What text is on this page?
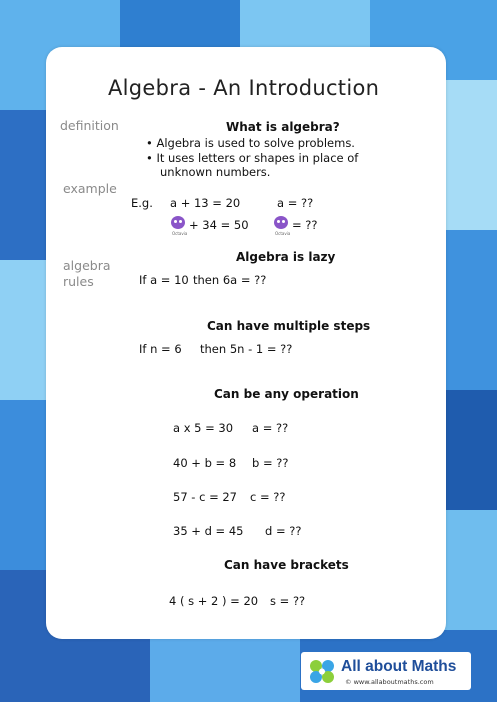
Algebra - An Introduction
definition
example
algebra
rules
What is algebra?
• Algebra is used to solve problems.
• It uses letters or shapes in place of
unknown numbers.
E.g. a + 13 = 20	a = ??
Octavia
+ 34 = 50
Octavia
= ??
Algebra is lazy
If a = 10 then 6a = ??
Can have multiple steps
If n = 6 then 5n - 1 = ??
Can be any operation
a x 5 = 30 a = ??
40 + b = 8 b = ??
57 - c = 27 c = ??
35 + d = 45 d = ??
Can have brackets
4 ( s + 2 ) = 20 s = ??
All about Maths
© www.allaboutmaths.com
